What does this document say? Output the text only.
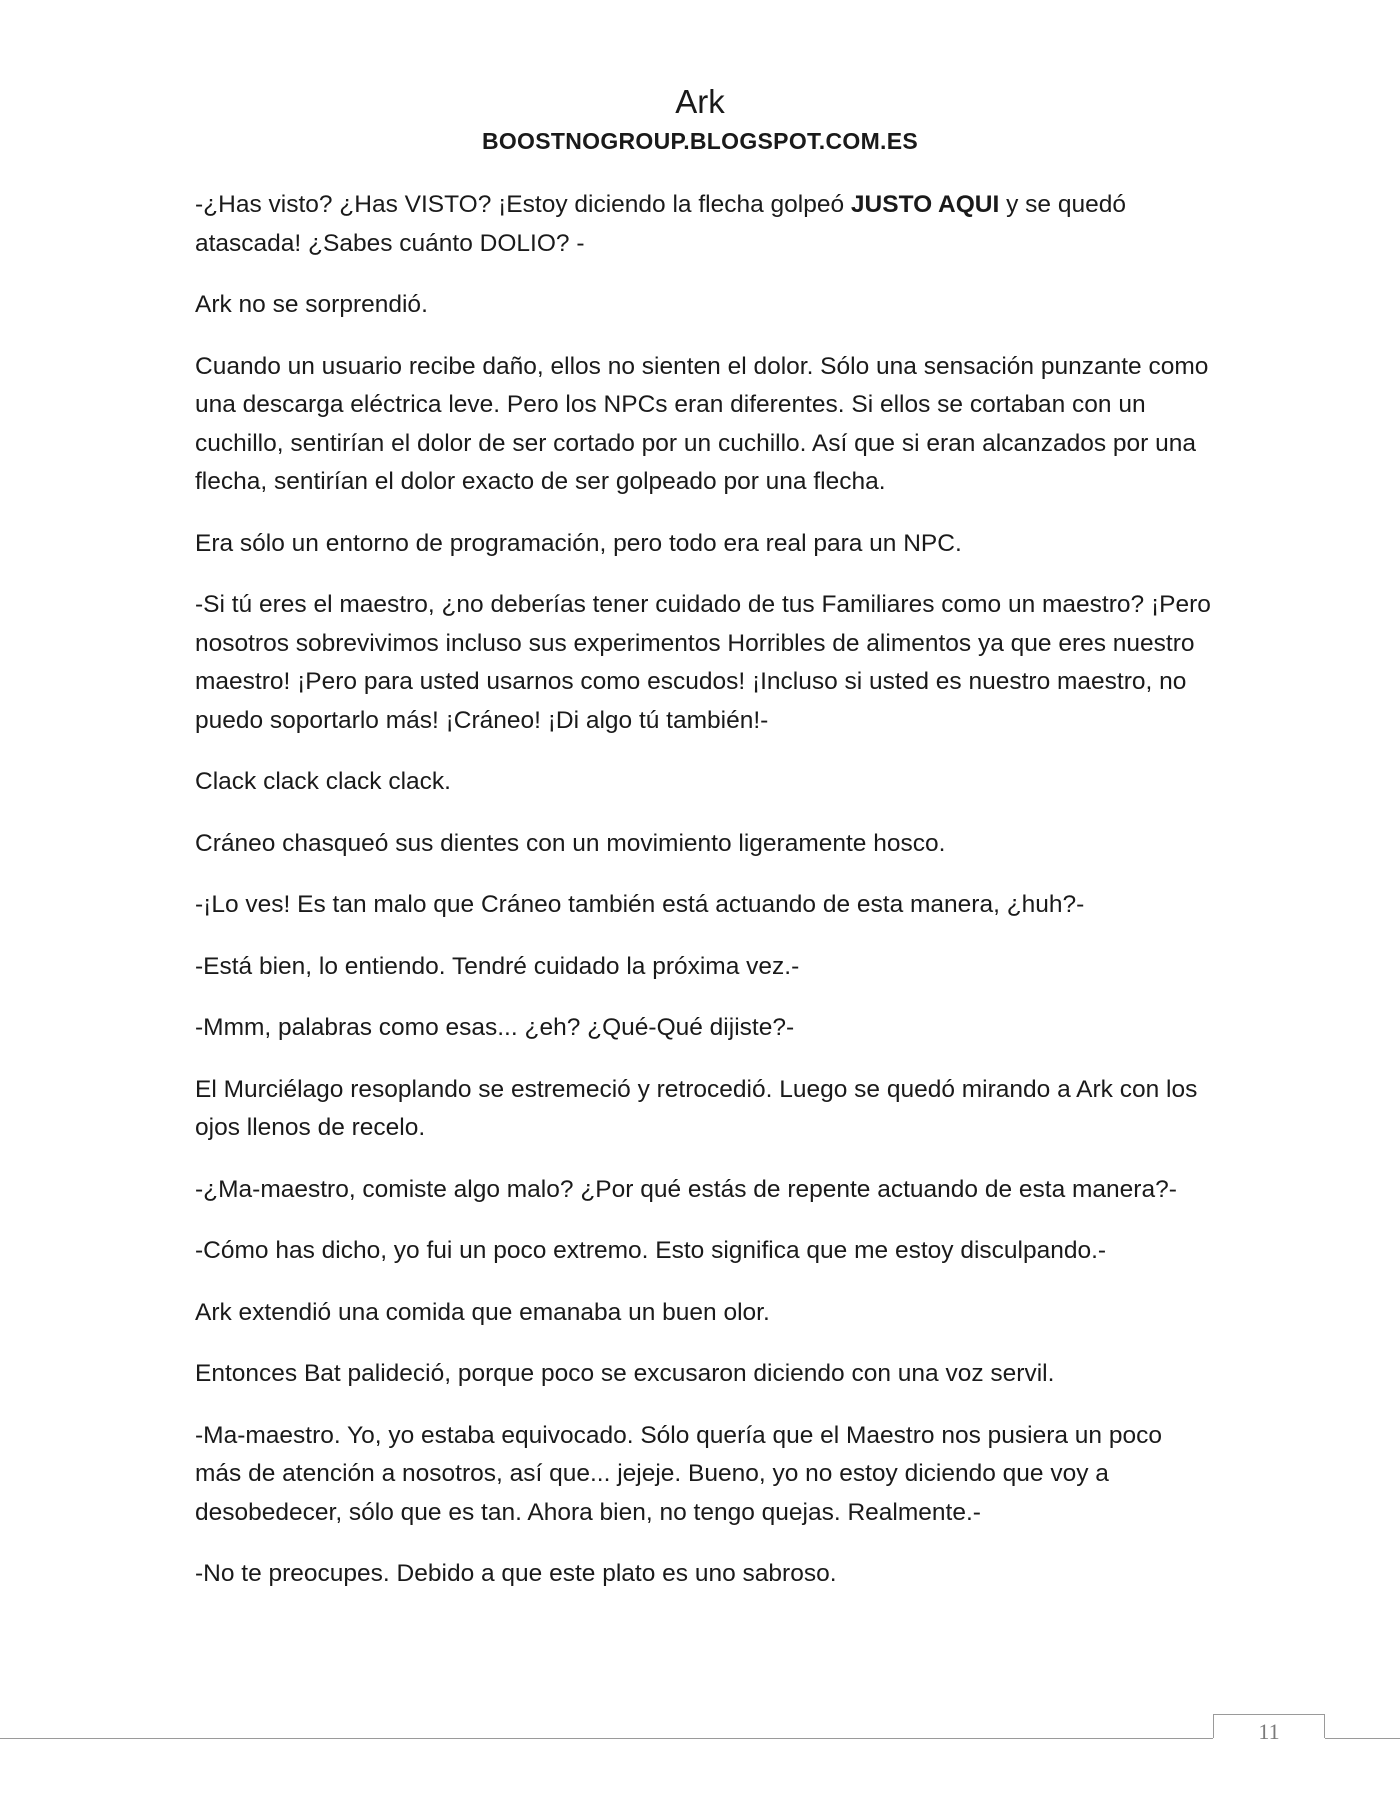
Ark
BOOSTNOGROUP.BLOGSPOT.COM.ES

-¿Has visto? ¿Has VISTO? ¡Estoy diciendo la flecha golpeó JUSTO AQUI y se quedó atascada! ¿Sabes cuánto DOLIO? -

Ark no se sorprendió.

Cuando un usuario recibe daño, ellos no sienten el dolor. Sólo una sensación punzante como una descarga eléctrica leve. Pero los NPCs eran diferentes. Si ellos se cortaban con un cuchillo, sentirían el dolor de ser cortado por un cuchillo. Así que si eran alcanzados por una flecha, sentirían el dolor exacto de ser golpeado por una flecha.

Era sólo un entorno de programación, pero todo era real para un NPC.

-Si tú eres el maestro, ¿no deberías tener cuidado de tus Familiares como un maestro? ¡Pero nosotros sobrevivimos incluso sus experimentos Horribles de alimentos ya que eres nuestro maestro! ¡Pero para usted usarnos como escudos! ¡Incluso si usted es nuestro maestro, no puedo soportarlo más! ¡Cráneo! ¡Di algo tú también!-

Clack clack clack clack.

Cráneo chasqueó sus dientes con un movimiento ligeramente hosco.

-¡Lo ves! Es tan malo que Cráneo también está actuando de esta manera, ¿huh?-

-Está bien, lo entiendo. Tendré cuidado la próxima vez.-

-Mmm, palabras como esas... ¿eh? ¿Qué-Qué dijiste?-

El Murciélago resoplando se estremeció y retrocedió. Luego se quedó mirando a Ark con los ojos llenos de recelo.

-¿Ma-maestro, comiste algo malo? ¿Por qué estás de repente actuando de esta manera?-

-Cómo has dicho, yo fui un poco extremo. Esto significa que me estoy disculpando.-

Ark extendió una comida que emanaba un buen olor.

Entonces Bat palideció, porque poco se excusaron diciendo con una voz servil.

-Ma-maestro. Yo, yo estaba equivocado. Sólo quería que el Maestro nos pusiera un poco más de atención a nosotros, así que... jejeje. Bueno, yo no estoy diciendo que voy a desobedecer, sólo que es tan. Ahora bien, no tengo quejas. Realmente.-

-No te preocupes. Debido a que este plato es uno sabroso.

11
